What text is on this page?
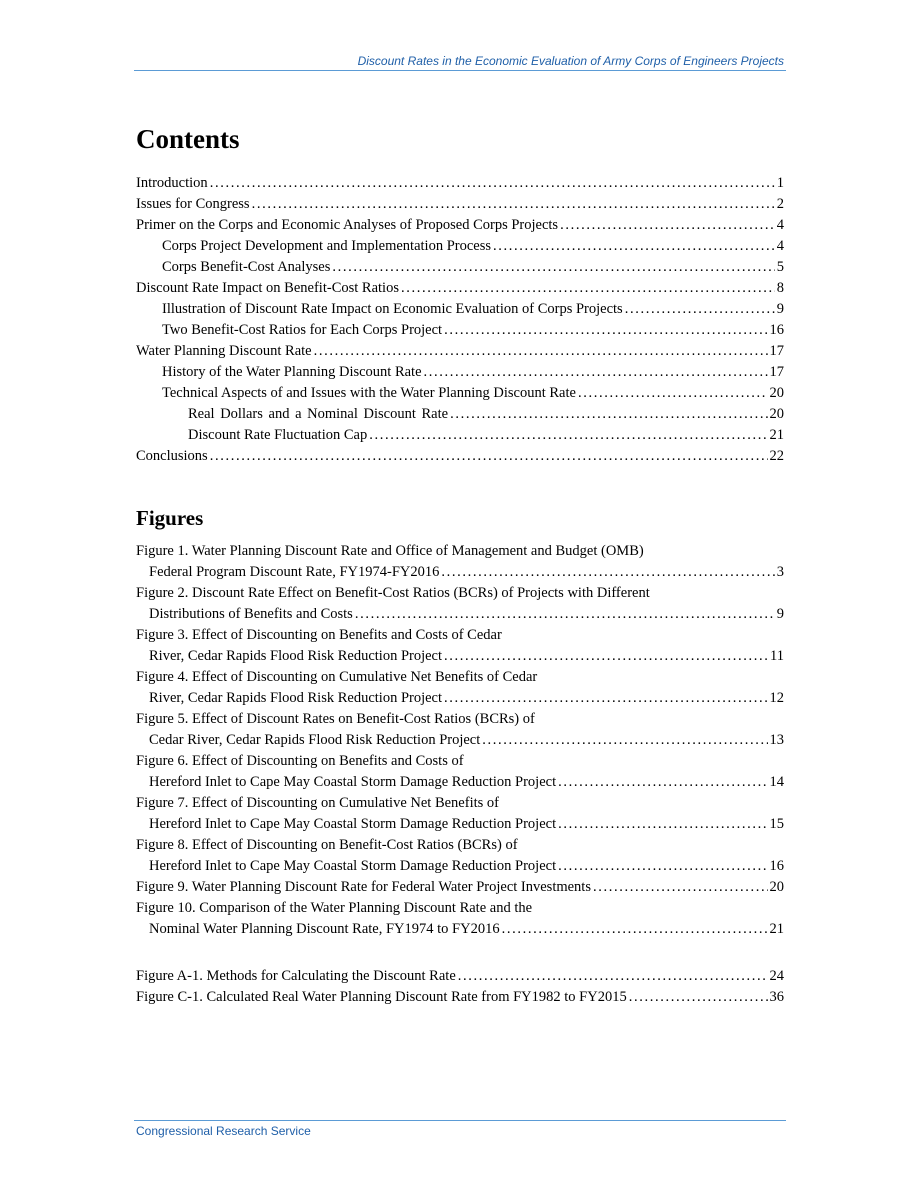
Discount Rates in the Economic Evaluation of Army Corps of Engineers Projects
Contents
Introduction . . .	1
Issues for Congress . . .	2
Primer on the Corps and Economic Analyses of Proposed Corps Projects . . .	4
Corps Project Development and Implementation Process . . .	4
Corps Benefit-Cost Analyses . . .	5
Discount Rate Impact on Benefit-Cost Ratios . . .	8
Illustration of Discount Rate Impact on Economic Evaluation of Corps Projects . . .	9
Two Benefit-Cost Ratios for Each Corps Project . . .	16
Water Planning Discount Rate . . .	17
History of the Water Planning Discount Rate . . .	17
Technical Aspects of and Issues with the Water Planning Discount Rate . . .	20
Real Dollars and a Nominal Discount Rate . . .	20
Discount Rate Fluctuation Cap . . .	21
Conclusions . . .	22
Figures
Figure 1. Water Planning Discount Rate and Office of Management and Budget (OMB)
Federal Program Discount Rate, FY1974-FY2016 . . .	3
Figure 2. Discount Rate Effect on Benefit-Cost Ratios (BCRs) of Projects with Different
Distributions of Benefits and Costs . . .	9
Figure 3. Effect of Discounting on Benefits and Costs of Cedar
River, Cedar Rapids Flood Risk Reduction Project . . .	11
Figure 4. Effect of Discounting on Cumulative Net Benefits of Cedar
River, Cedar Rapids Flood Risk Reduction Project . . .	12
Figure 5. Effect of Discount Rates on Benefit-Cost Ratios (BCRs) of
Cedar River, Cedar Rapids Flood Risk Reduction Project . . .	13
Figure 6. Effect of Discounting on Benefits and Costs of
Hereford Inlet to Cape May Coastal Storm Damage Reduction Project . . .	14
Figure 7. Effect of Discounting on Cumulative Net Benefits of
Hereford Inlet to Cape May Coastal Storm Damage Reduction Project . . .	15
Figure 8. Effect of Discounting on Benefit-Cost Ratios (BCRs) of
Hereford Inlet to Cape May Coastal Storm Damage Reduction Project . . .	16
Figure 9. Water Planning Discount Rate for Federal Water Project Investments . . .	20
Figure 10. Comparison of the Water Planning Discount Rate and the
Nominal Water Planning Discount Rate, FY1974 to FY2016 . . .	21
Figure A-1. Methods for Calculating the Discount Rate . . .	24
Figure C-1. Calculated Real Water Planning Discount Rate from FY1982 to FY2015 . . .	36
Congressional Research Service
